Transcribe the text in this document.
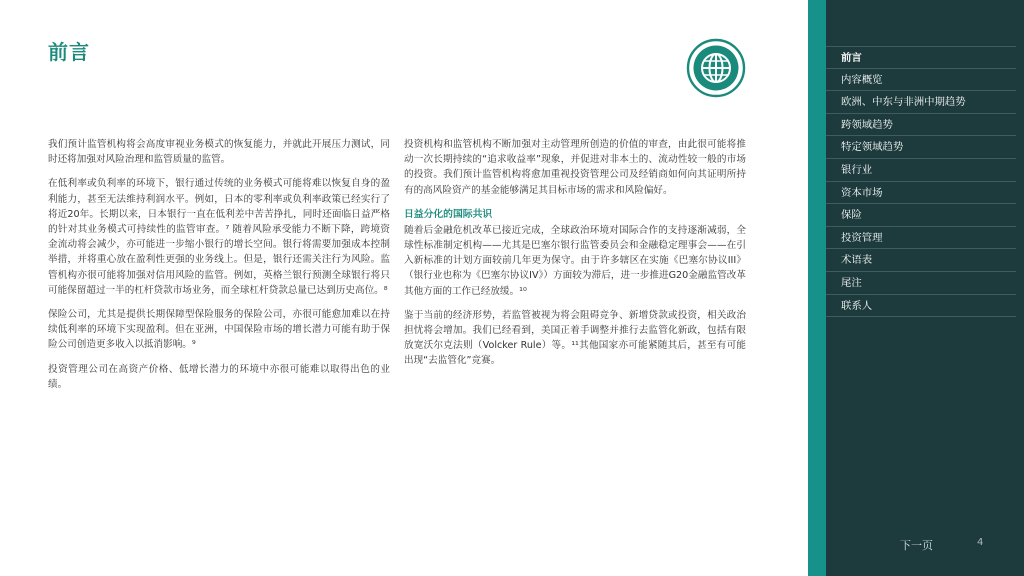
前言

我们预计监管机构将会高度审视业务模式的恢复能力，并就此开展压力测试，同时还将加强对风险治理和监管质量的监管。

在低利率或负利率的环境下，银行通过传统的业务模式可能将难以恢复自身的盈利能力，甚至无法维持利润水平。例如，日本的零利率或负利率政策已经实行了将近20年。长期以来，日本银行一直在低利差中苦苦挣扎，同时还面临日益严格的针对其业务模式可持续性的监管审查。⁷ 随着风险承受能力不断下降，跨境资金流动将会减少，亦可能进一步缩小银行的增长空间。银行将需要加强成本控制举措，并将重心放在盈利性更强的业务线上。但是，银行还需关注行为风险。监管机构亦很可能将加强对信用风险的监管。例如，英格兰银行预测全球银行将只可能保留超过一半的杠杆贷款市场业务，而全球杠杆贷款总量已达到历史高位。⁸

保险公司，尤其是提供长期保障型保险服务的保险公司，亦很可能愈加难以在持续低利率的环境下实现盈利。但在亚洲，中国保险市场的增长潜力可能有助于保险公司创造更多收入以抵消影响。⁹

投资管理公司在高资产价格、低增长潜力的环境中亦很可能难以取得出色的业绩。

投资机构和监管机构不断加强对主动管理所创造的价值的审查，由此很可能将推动一次长期持续的“追求收益率”现象，并促进对非本土的、流动性较一般的市场的投资。我们预计监管机构将愈加重视投资管理公司及经销商如何向其证明所持有的高风险资产的基金能够满足其目标市场的需求和风险偏好。

日益分化的国际共识

随着后金融危机改革已接近完成，全球政治环境对国际合作的支持逐渐减弱，全球性标准制定机构——尤其是巴塞尔银行监管委员会和金融稳定理事会——在引入新标准的计划方面较前几年更为保守。由于许多辖区在实施《巴塞尔协议III》（银行业也称为《巴塞尔协议IV》）方面较为滞后，进一步推进G20金融监管改革其他方面的工作已经放缓。¹⁰

鉴于当前的经济形势，若监管被视为将会阻碍竞争、新增贷款或投资，相关政治担忧将会增加。我们已经看到，美国正着手调整并推行去监管化新政，包括有限放宽沃尔克法则（Volcker Rule）等。¹¹其他国家亦可能紧随其后，甚至有可能出现“去监管化”竞赛。

前言
内容概览
欧洲、中东与非洲中期趋势
跨领域趋势
特定领域趋势
银行业
资本市场
保险
投资管理
术语表
尾注
联系人
下一页	4
